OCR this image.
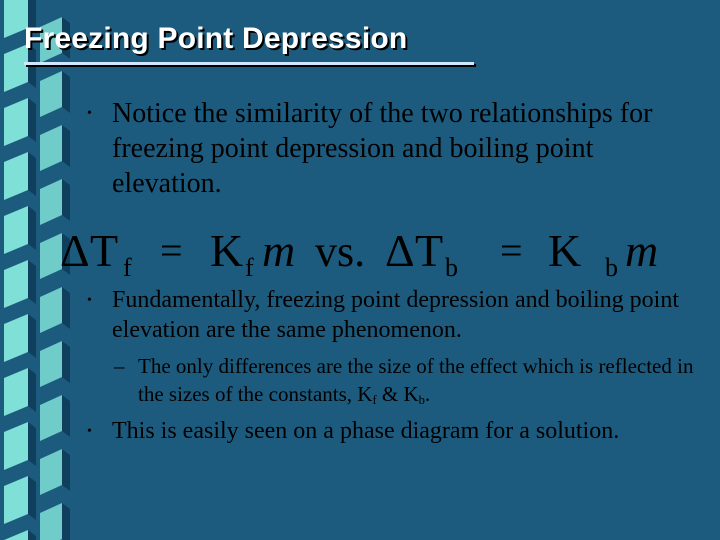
Freezing Point Depression
• Notice the similarity of the two relationships for freezing point depression and boiling point elevation.
Δ T f = K f m vs. Δ T b = K b m
• Fundamentally, freezing point depression and boiling point elevation are the same phenomenon.
– The only differences are the size of the effect which is reflected in the sizes of the constants, $K_f$ & $K_b$.
• This is easily seen on a phase diagram for a solution.
